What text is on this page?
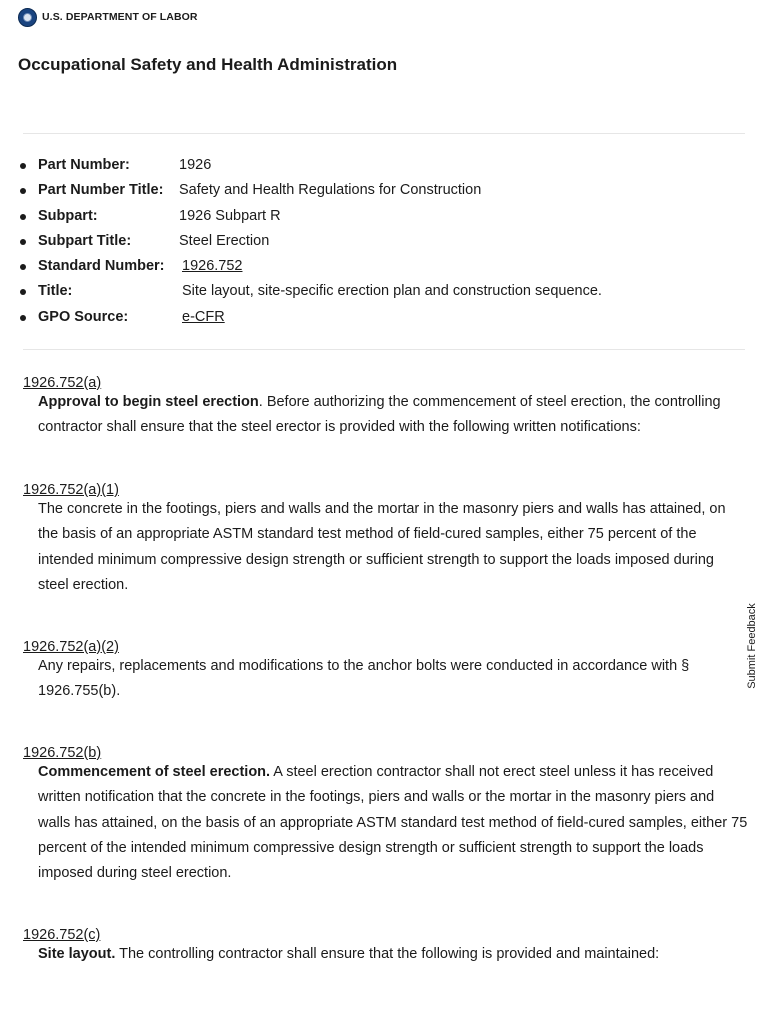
U.S. DEPARTMENT OF LABOR
Occupational Safety and Health Administration
Part Number:	1926
Part Number Title: Safety and Health Regulations for Construction
Subpart:	1926 Subpart R
Subpart Title:	Steel Erection
Standard Number: 1926.752
Title:	Site layout, site-specific erection plan and construction sequence.
GPO Source:	e-CFR
1926.752(a)
Approval to begin steel erection. Before authorizing the commencement of steel erection, the controlling contractor shall ensure that the steel erector is provided with the following written notifications:
1926.752(a)(1)
The concrete in the footings, piers and walls and the mortar in the masonry piers and walls has attained, on the basis of an appropriate ASTM standard test method of field-cured samples, either 75 percent of the intended minimum compressive design strength or sufficient strength to support the loads imposed during steel erection.
1926.752(a)(2)
Any repairs, replacements and modifications to the anchor bolts were conducted in accordance with § 1926.755(b).
1926.752(b)
Commencement of steel erection. A steel erection contractor shall not erect steel unless it has received written notification that the concrete in the footings, piers and walls or the mortar in the masonry piers and walls has attained, on the basis of an appropriate ASTM standard test method of field-cured samples, either 75 percent of the intended minimum compressive design strength or sufficient strength to support the loads imposed during steel erection.
1926.752(c)
Site layout. The controlling contractor shall ensure that the following is provided and maintained:
Submit Feedback
